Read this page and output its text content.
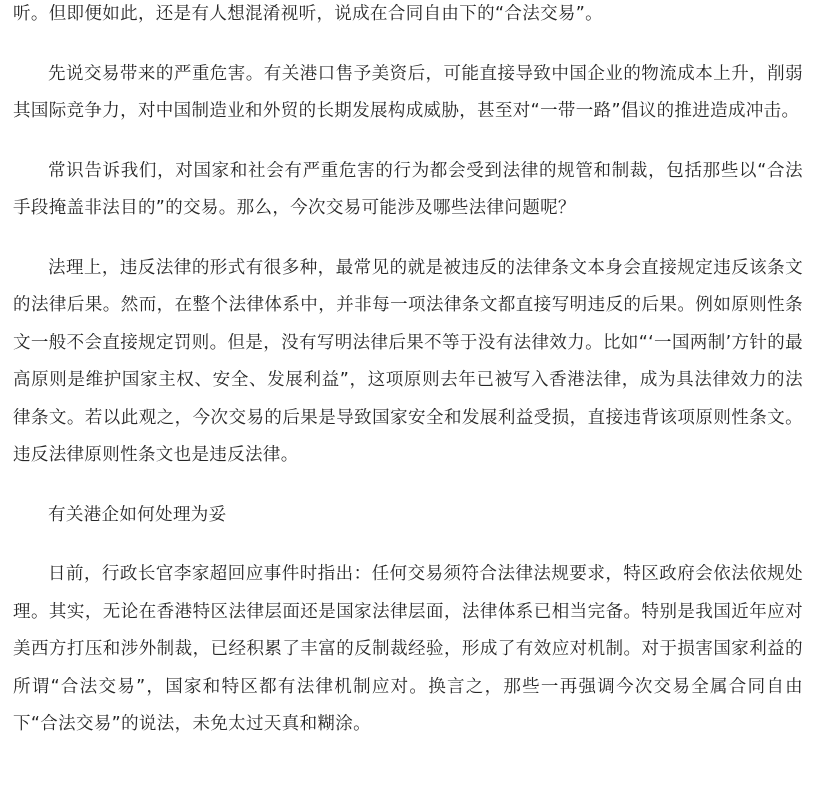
听。但即便如此，还是有人想混淆视听，说成在合同自由下的“合法交易”。

先说交易带来的严重危害。有关港口售予美资后，可能直接导致中国企业的物流成本上升，削弱其国际竞争力，对中国制造业和外贸的长期发展构成威胁，甚至对“一带一路”倡议的推进造成冲击。

常识告诉我们，对国家和社会有严重危害的行为都会受到法律的规管和制裁，包括那些以“合法手段掩盖非法目的”的交易。那么，今次交易可能涉及哪些法律问题呢？

法理上，违反法律的形式有很多种，最常见的就是被违反的法律条文本身会直接规定违反该条文的法律后果。然而，在整个法律体系中，并非每一项法律条文都直接写明违反的后果。例如原则性条文一般不会直接规定罚则。但是，没有写明法律后果不等于没有法律效力。比如“‘一国两制’方针的最高原则是维护国家主权、安全、发展利益”，这项原则去年已被写入香港法律，成为具法律效力的法律条文。若以此观之，今次交易的后果是导致国家安全和发展利益受损，直接违背该项原则性条文。违反法律原则性条文也是违反法律。

有关港企如何处理为妥

日前，行政长官李家超回应事件时指出：任何交易须符合法律法规要求，特区政府会依法依规处理。其实，无论在香港特区法律层面还是国家法律层面，法律体系已相当完备。特别是我国近年应对美西方打压和涉外制裁，已经积累了丰富的反制裁经验，形成了有效应对机制。对于损害国家利益的所谓“合法交易”，国家和特区都有法律机制应对。换言之，那些一再强调今次交易全属合同自由下“合法交易”的说法，未免太过天真和糊涂。
